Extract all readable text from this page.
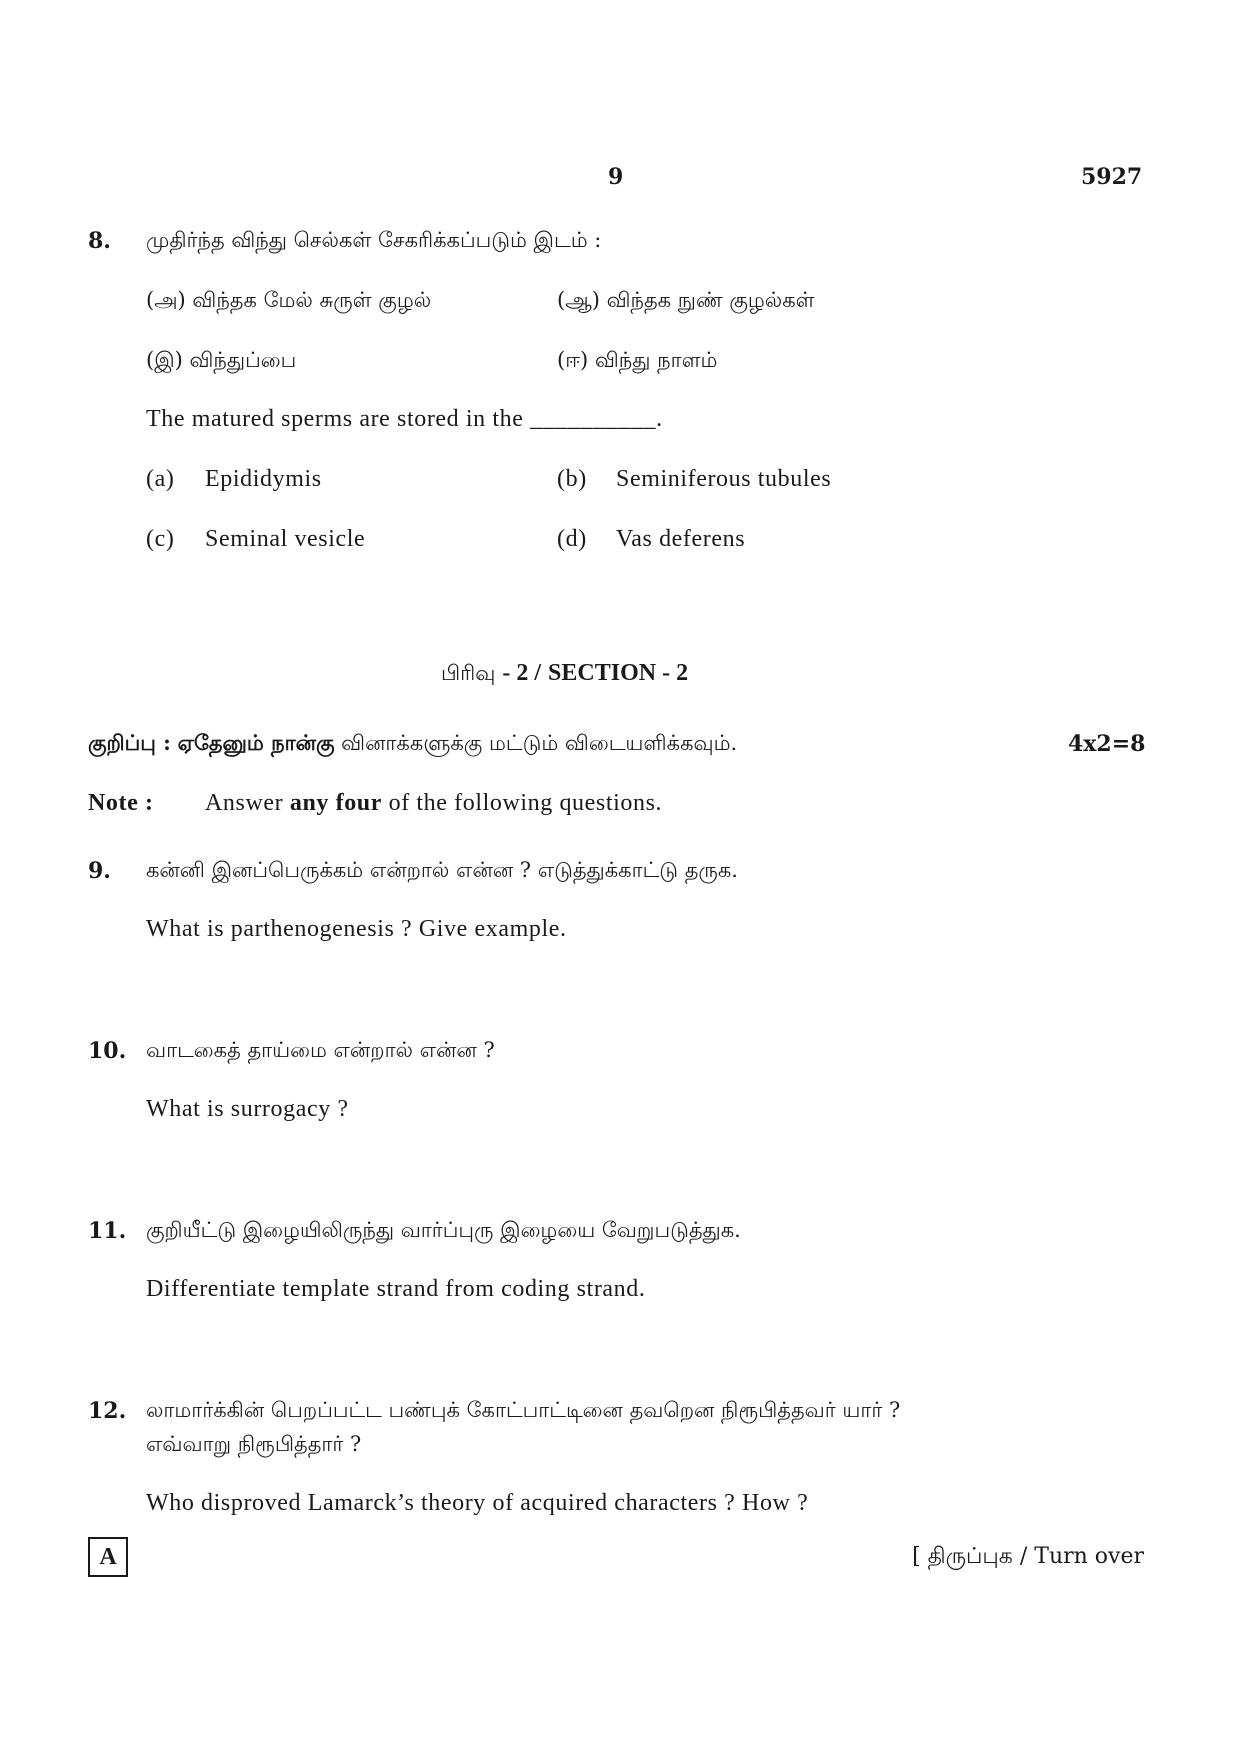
9	5927
8. முதிர்ந்த விந்து செல்கள் சேகரிக்கப்படும் இடம் :
(அ) விந்தக மேல் சுருள் குழல்	(ஆ) விந்தக நுண் குழல்கள்
(இ) விந்துப்பை	(ஈ) விந்து நாளம்
The matured sperms are stored in the __________.
(a) Epididymis	(b) Seminiferous tubules
(c) Seminal vesicle	(d) Vas deferens
பிரிவு - 2 / SECTION - 2
குறிப்பு : ஏதேனும் நான்கு வினாக்களுக்கு மட்டும் விடையளிக்கவும்.	4x2=8
Note : Answer any four of the following questions.
9. கன்னி இனப்பெருக்கம் என்றால் என்ன ? எடுத்துக்காட்டு தருக.
What is parthenogenesis ? Give example.
10. வாடகைத் தாய்மை என்றால் என்ன ?
What is surrogacy ?
11. குறியீட்டு இழையிலிருந்து வார்ப்புரு இழையை வேறுபடுத்துக.
Differentiate template strand from coding strand.
12. லாமார்க்கின் பெறப்பட்ட பண்புக் கோட்பாட்டினை தவறென நிரூபித்தவர் யார் ?
எவ்வாறு நிரூபித்தார் ?
Who disproved Lamarck’s theory of acquired characters ? How ?
A	[ திருப்புக / Turn over
